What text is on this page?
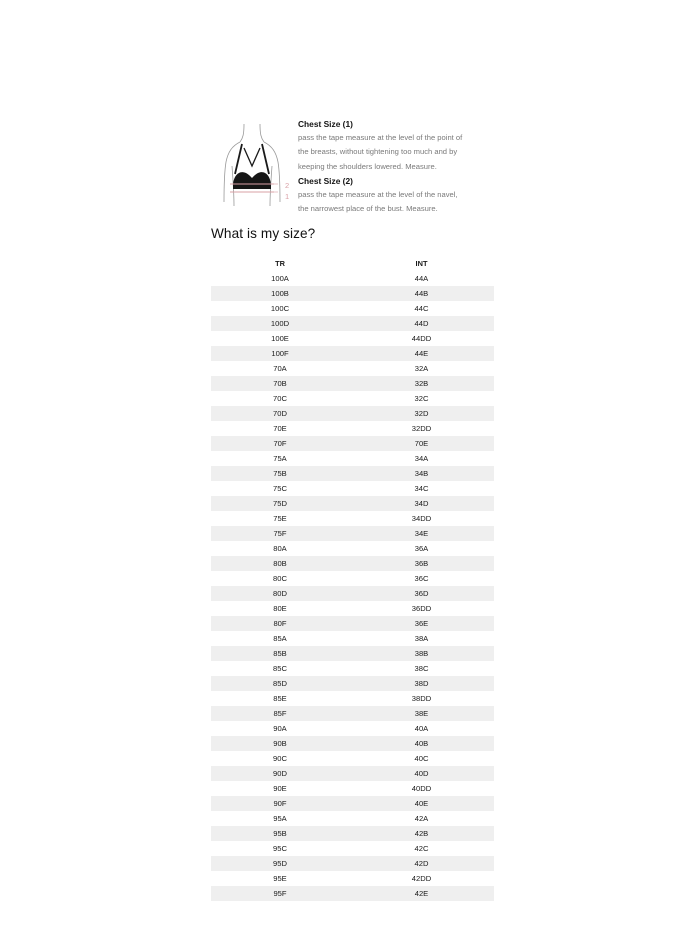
2
1
Chest Size (1)
pass the tape measure at the level of the point of
the breasts, without tightening too much and by
keeping the shoulders lowered. Measure.
Chest Size (2)
pass the tape measure at the level of the navel,
the narrowest place of the bust. Measure.
What is my size?
TR	INT
100A	44A
100B	44B
100C	44C
100D	44D
100E	44DD
100F	44E
70A	32A
70B	32B
70C	32C
70D	32D
70E	32DD
70F	70E
75A	34A
75B	34B
75C	34C
75D	34D
75E	34DD
75F	34E
80A	36A
80B	36B
80C	36C
80D	36D
80E	36DD
80F	36E
85A	38A
85B	38B
85C	38C
85D	38D
85E	38DD
85F	38E
90A	40A
90B	40B
90C	40C
90D	40D
90E	40DD
90F	40E
95A	42A
95B	42B
95C	42C
95D	42D
95E	42DD
95F	42E
